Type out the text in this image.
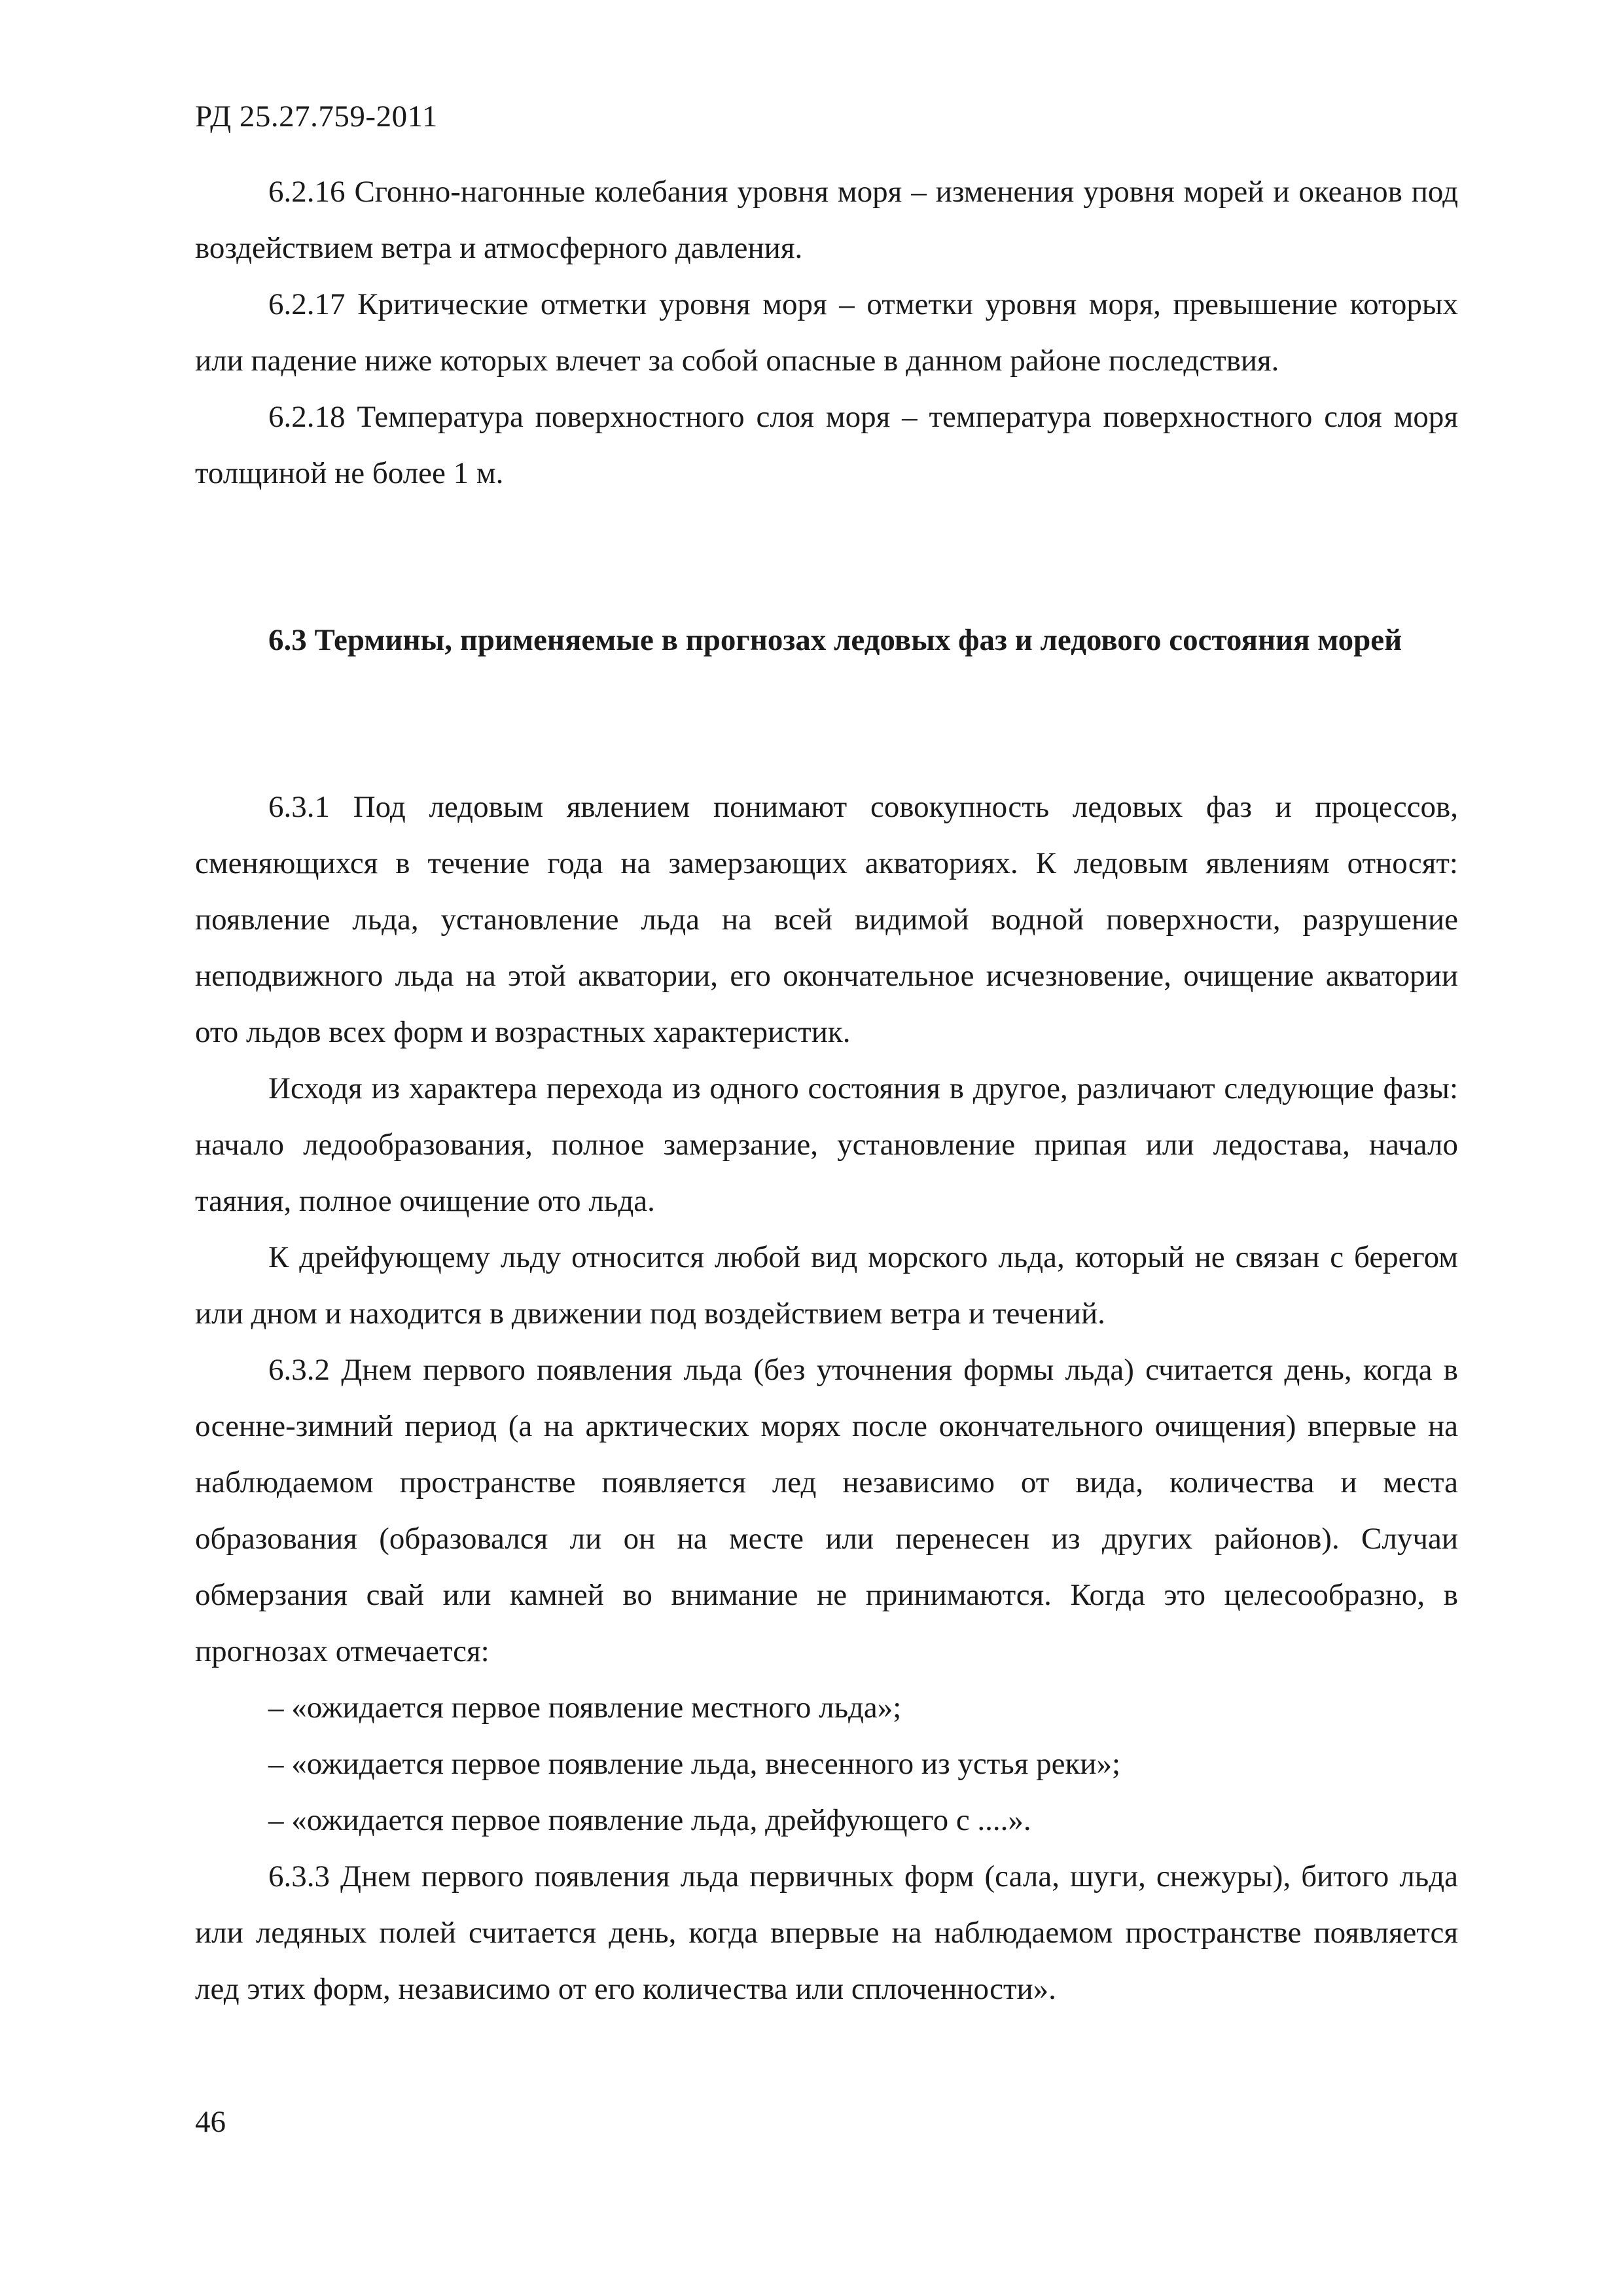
РД 25.27.759-2011

6.2.16 Сгонно-нагонные колебания уровня моря – изменения уровня морей и океанов под воздействием ветра и атмосферного давления.

6.2.17 Критические отметки уровня моря – отметки уровня моря, превышение которых или падение ниже которых влечет за собой опасные в данном районе последствия.

6.2.18 Температура поверхностного слоя моря – температура поверхностного слоя моря толщиной не более 1 м.

6.3 Термины, применяемые в прогнозах ледовых фаз и ледового состояния морей

6.3.1 Под ледовым явлением понимают совокупность ледовых фаз и процессов, сменяющихся в течение года на замерзающих акваториях. К ледовым явлениям относят: появление льда, установление льда на всей видимой водной поверхности, разрушение неподвижного льда на этой акватории, его окончательное исчезновение, очищение акватории ото льдов всех форм и возрастных характеристик.

Исходя из характера перехода из одного состояния в другое, различают следующие фазы: начало ледообразования, полное замерзание, установление припая или ледостава, начало таяния, полное очищение ото льда.

К дрейфующему льду относится любой вид морского льда, который не связан с берегом или дном и находится в движении под воздействием ветра и течений.

6.3.2 Днем первого появления льда (без уточнения формы льда) считается день, когда в осенне-зимний период (а на арктических морях после окончательного очищения) впервые на наблюдаемом пространстве появляется лед независимо от вида, количества и места образования (образовался ли он на месте или перенесен из других районов). Случаи обмерзания свай или камней во внимание не принимаются. Когда это целесообразно, в прогнозах отмечается:

– «ожидается первое появление местного льда»;

– «ожидается первое появление льда, внесенного из устья реки»;

– «ожидается первое появление льда, дрейфующего с ....».

6.3.3 Днем первого появления льда первичных форм (сала, шуги, снежуры), битого льда или ледяных полей считается день, когда впервые на наблюдаемом пространстве появляется лед этих форм, независимо от его количества или сплоченности».

46
